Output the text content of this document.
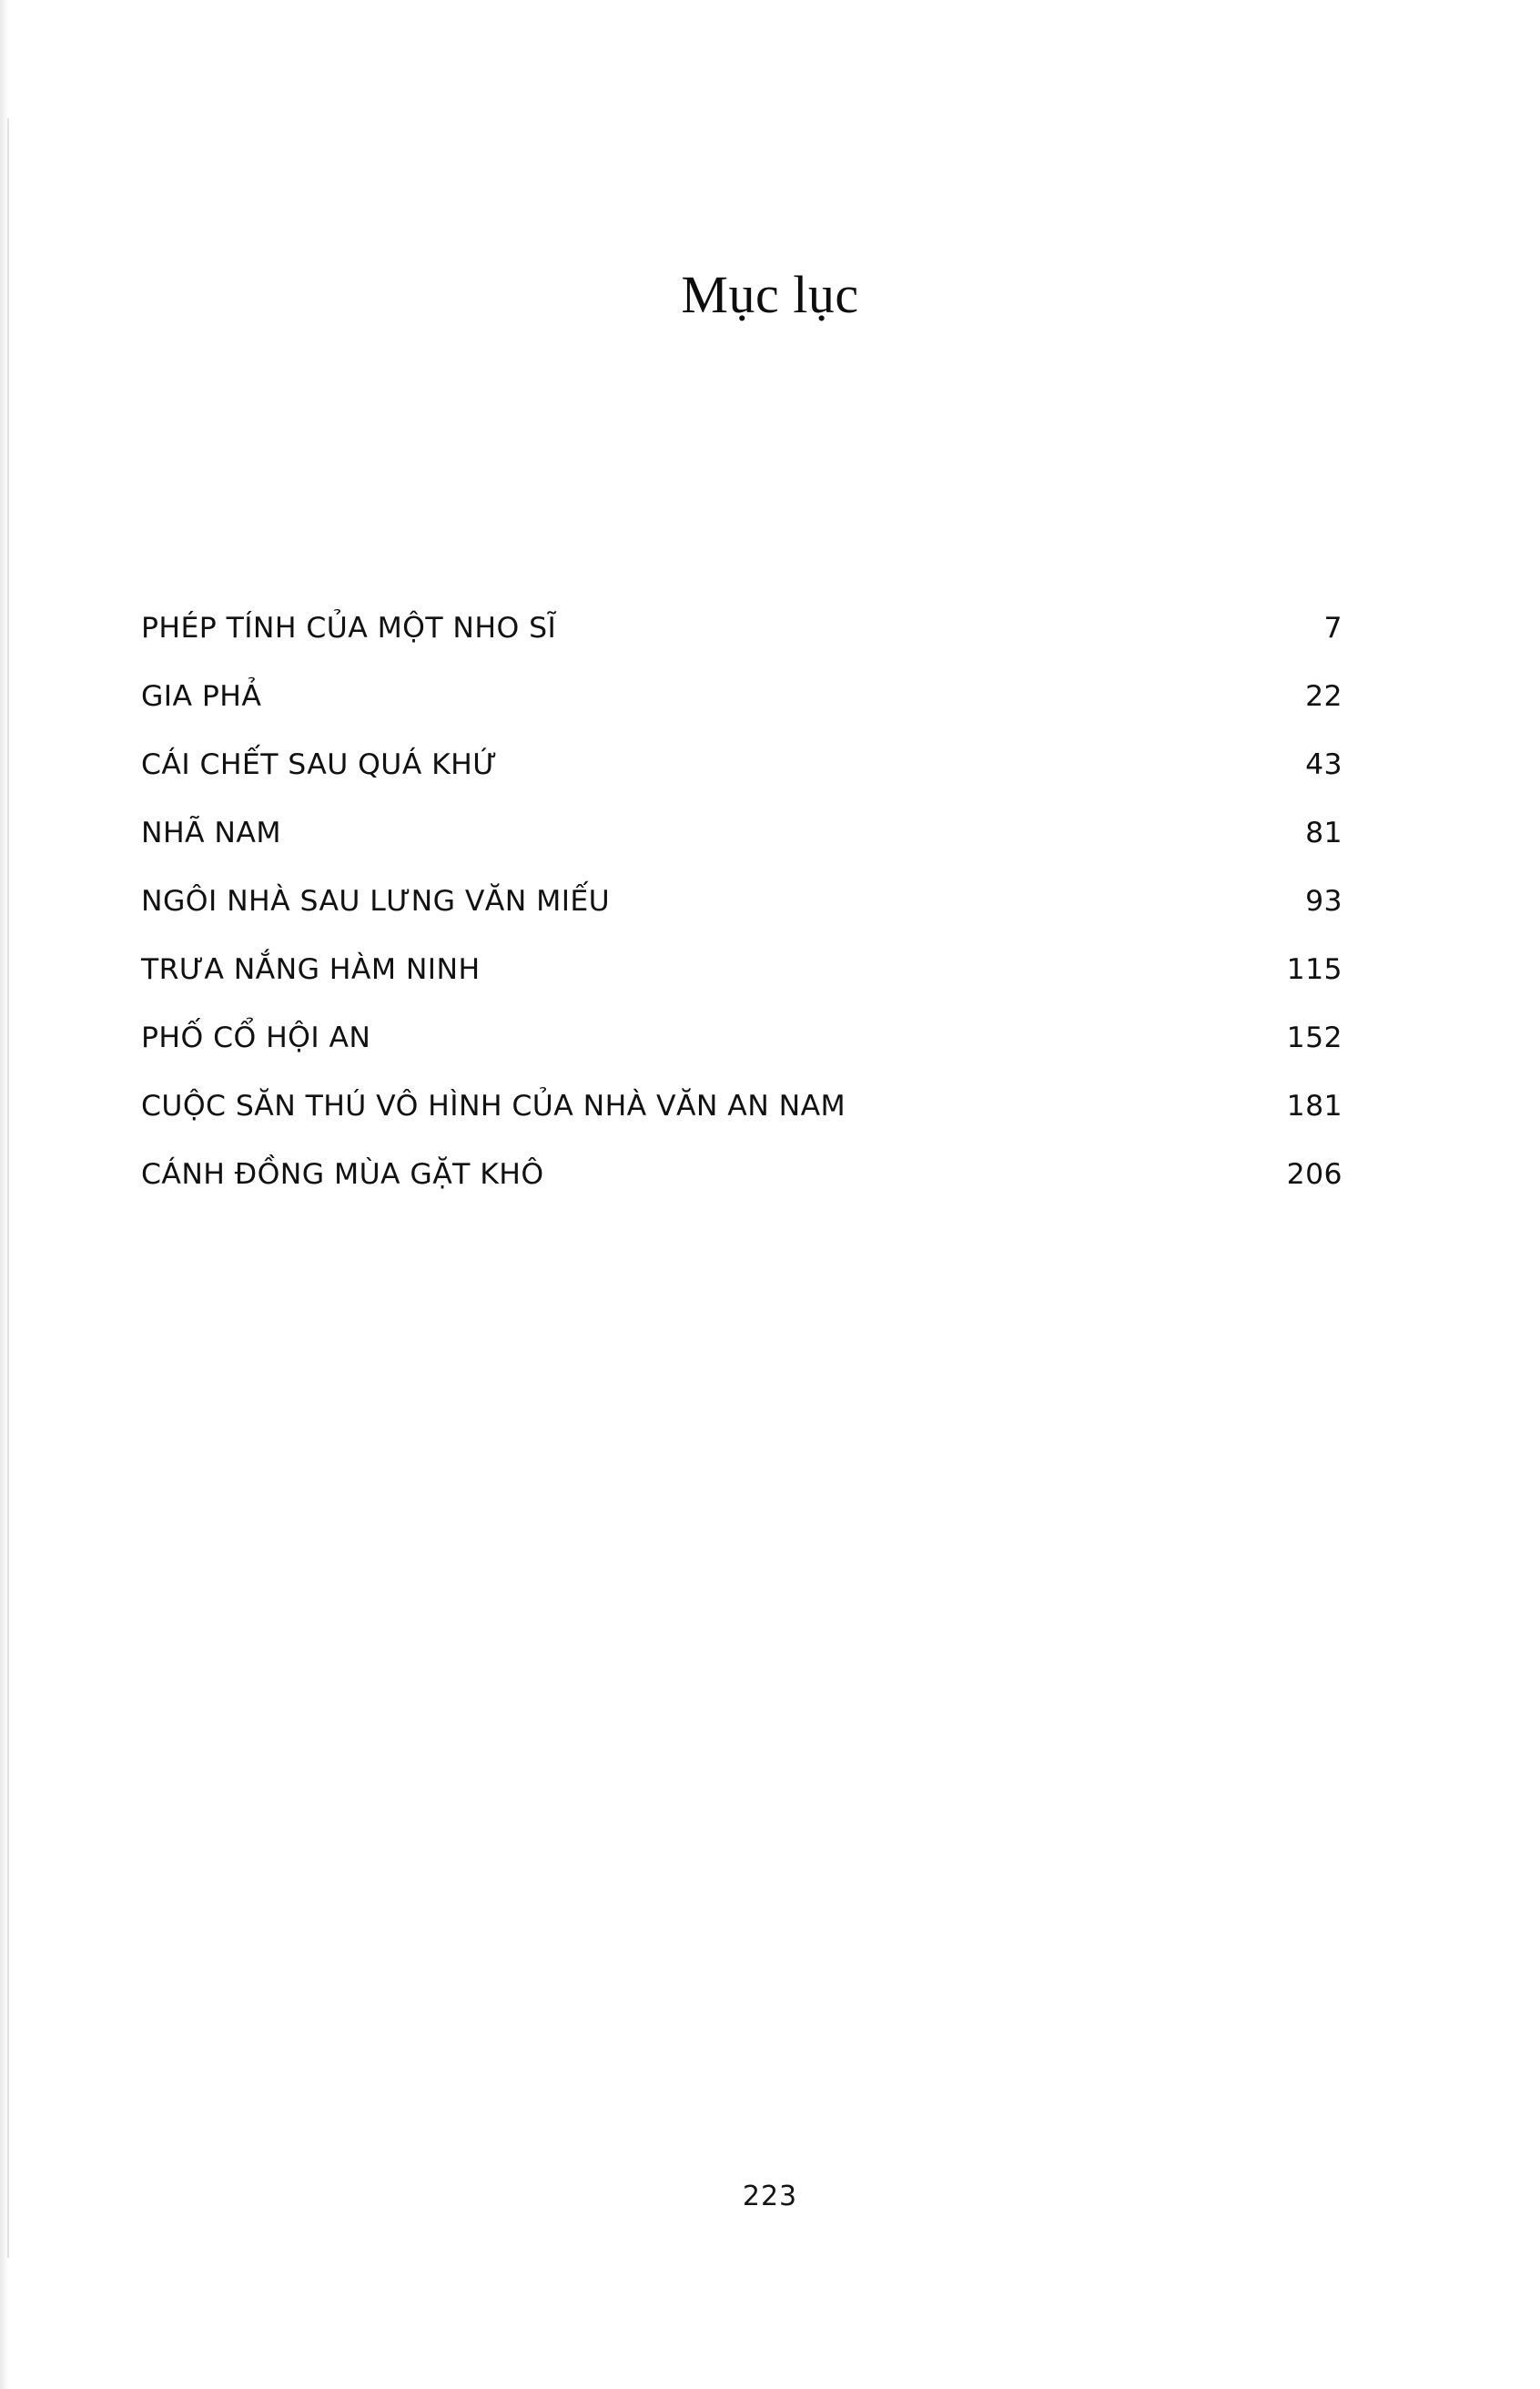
Mục lục
PHÉP TÍNH CỦA MỘT NHO SĨ .....	7
GIA PHẢ .....	22
CÁI CHẾT SAU QUÁ KHỨ .....	43
NHÃ NAM .....	81
NGÔI NHÀ SAU LƯNG VĂN MIẾU .....	93
TRƯA NẮNG HÀM NINH .....	115
PHỐ CỔ HỘI AN .....	152
CUỘC SĂN THÚ VÔ HÌNH CỦA NHÀ VĂN AN NAM .....	181
CÁNH ĐỒNG MÙA GẶT KHÔ .....	206
223
